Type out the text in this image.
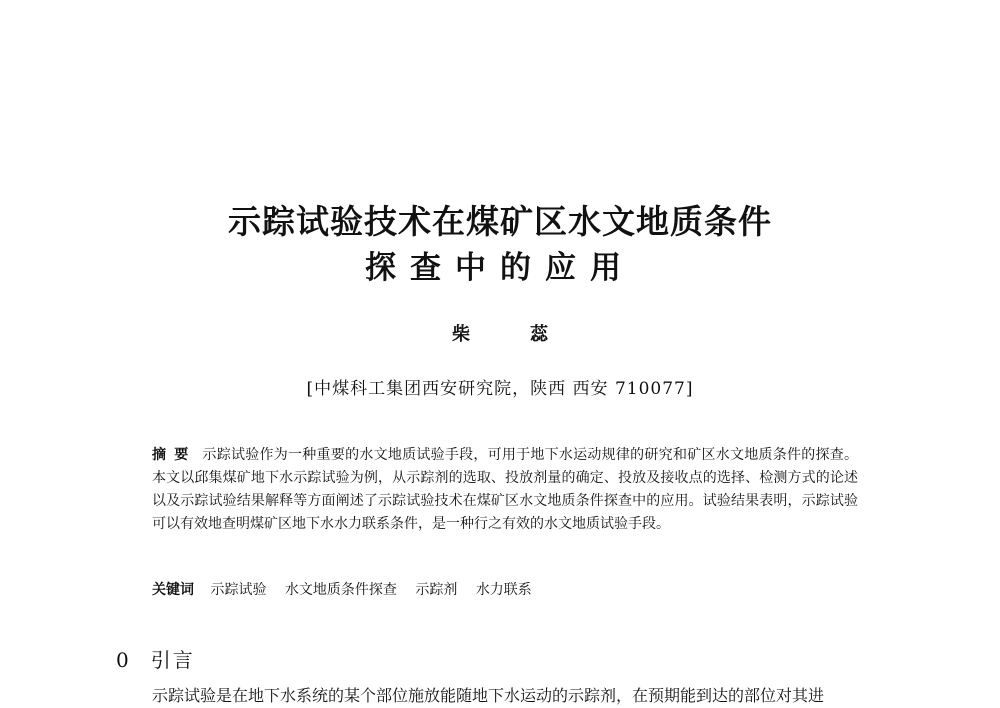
示踪试验技术在煤矿区水文地质条件
探查中的应用
柴蕊
[中煤科工集团西安研究院，陕西 西安 710077]
摘要 示踪试验作为一种重要的水文地质试验手段，可用于地下水运动规律的研究和矿区水文地质条件的探查。本文以邱集煤矿地下水示踪试验为例，从示踪剂的选取、投放剂量的确定、投放及接收点的选择、检测方式的论述以及示踪试验结果解释等方面阐述了示踪试验技术在煤矿区水文地质条件探查中的应用。试验结果表明，示踪试验可以有效地查明煤矿区地下水水力联系条件，是一种行之有效的水文地质试验手段。
关键词 示踪试验 水文地质条件探查 示踪剂 水力联系
0 引言
示踪试验是在地下水系统的某个部位施放能随地下水运动的示踪剂，在预期能到达的部位对其进
